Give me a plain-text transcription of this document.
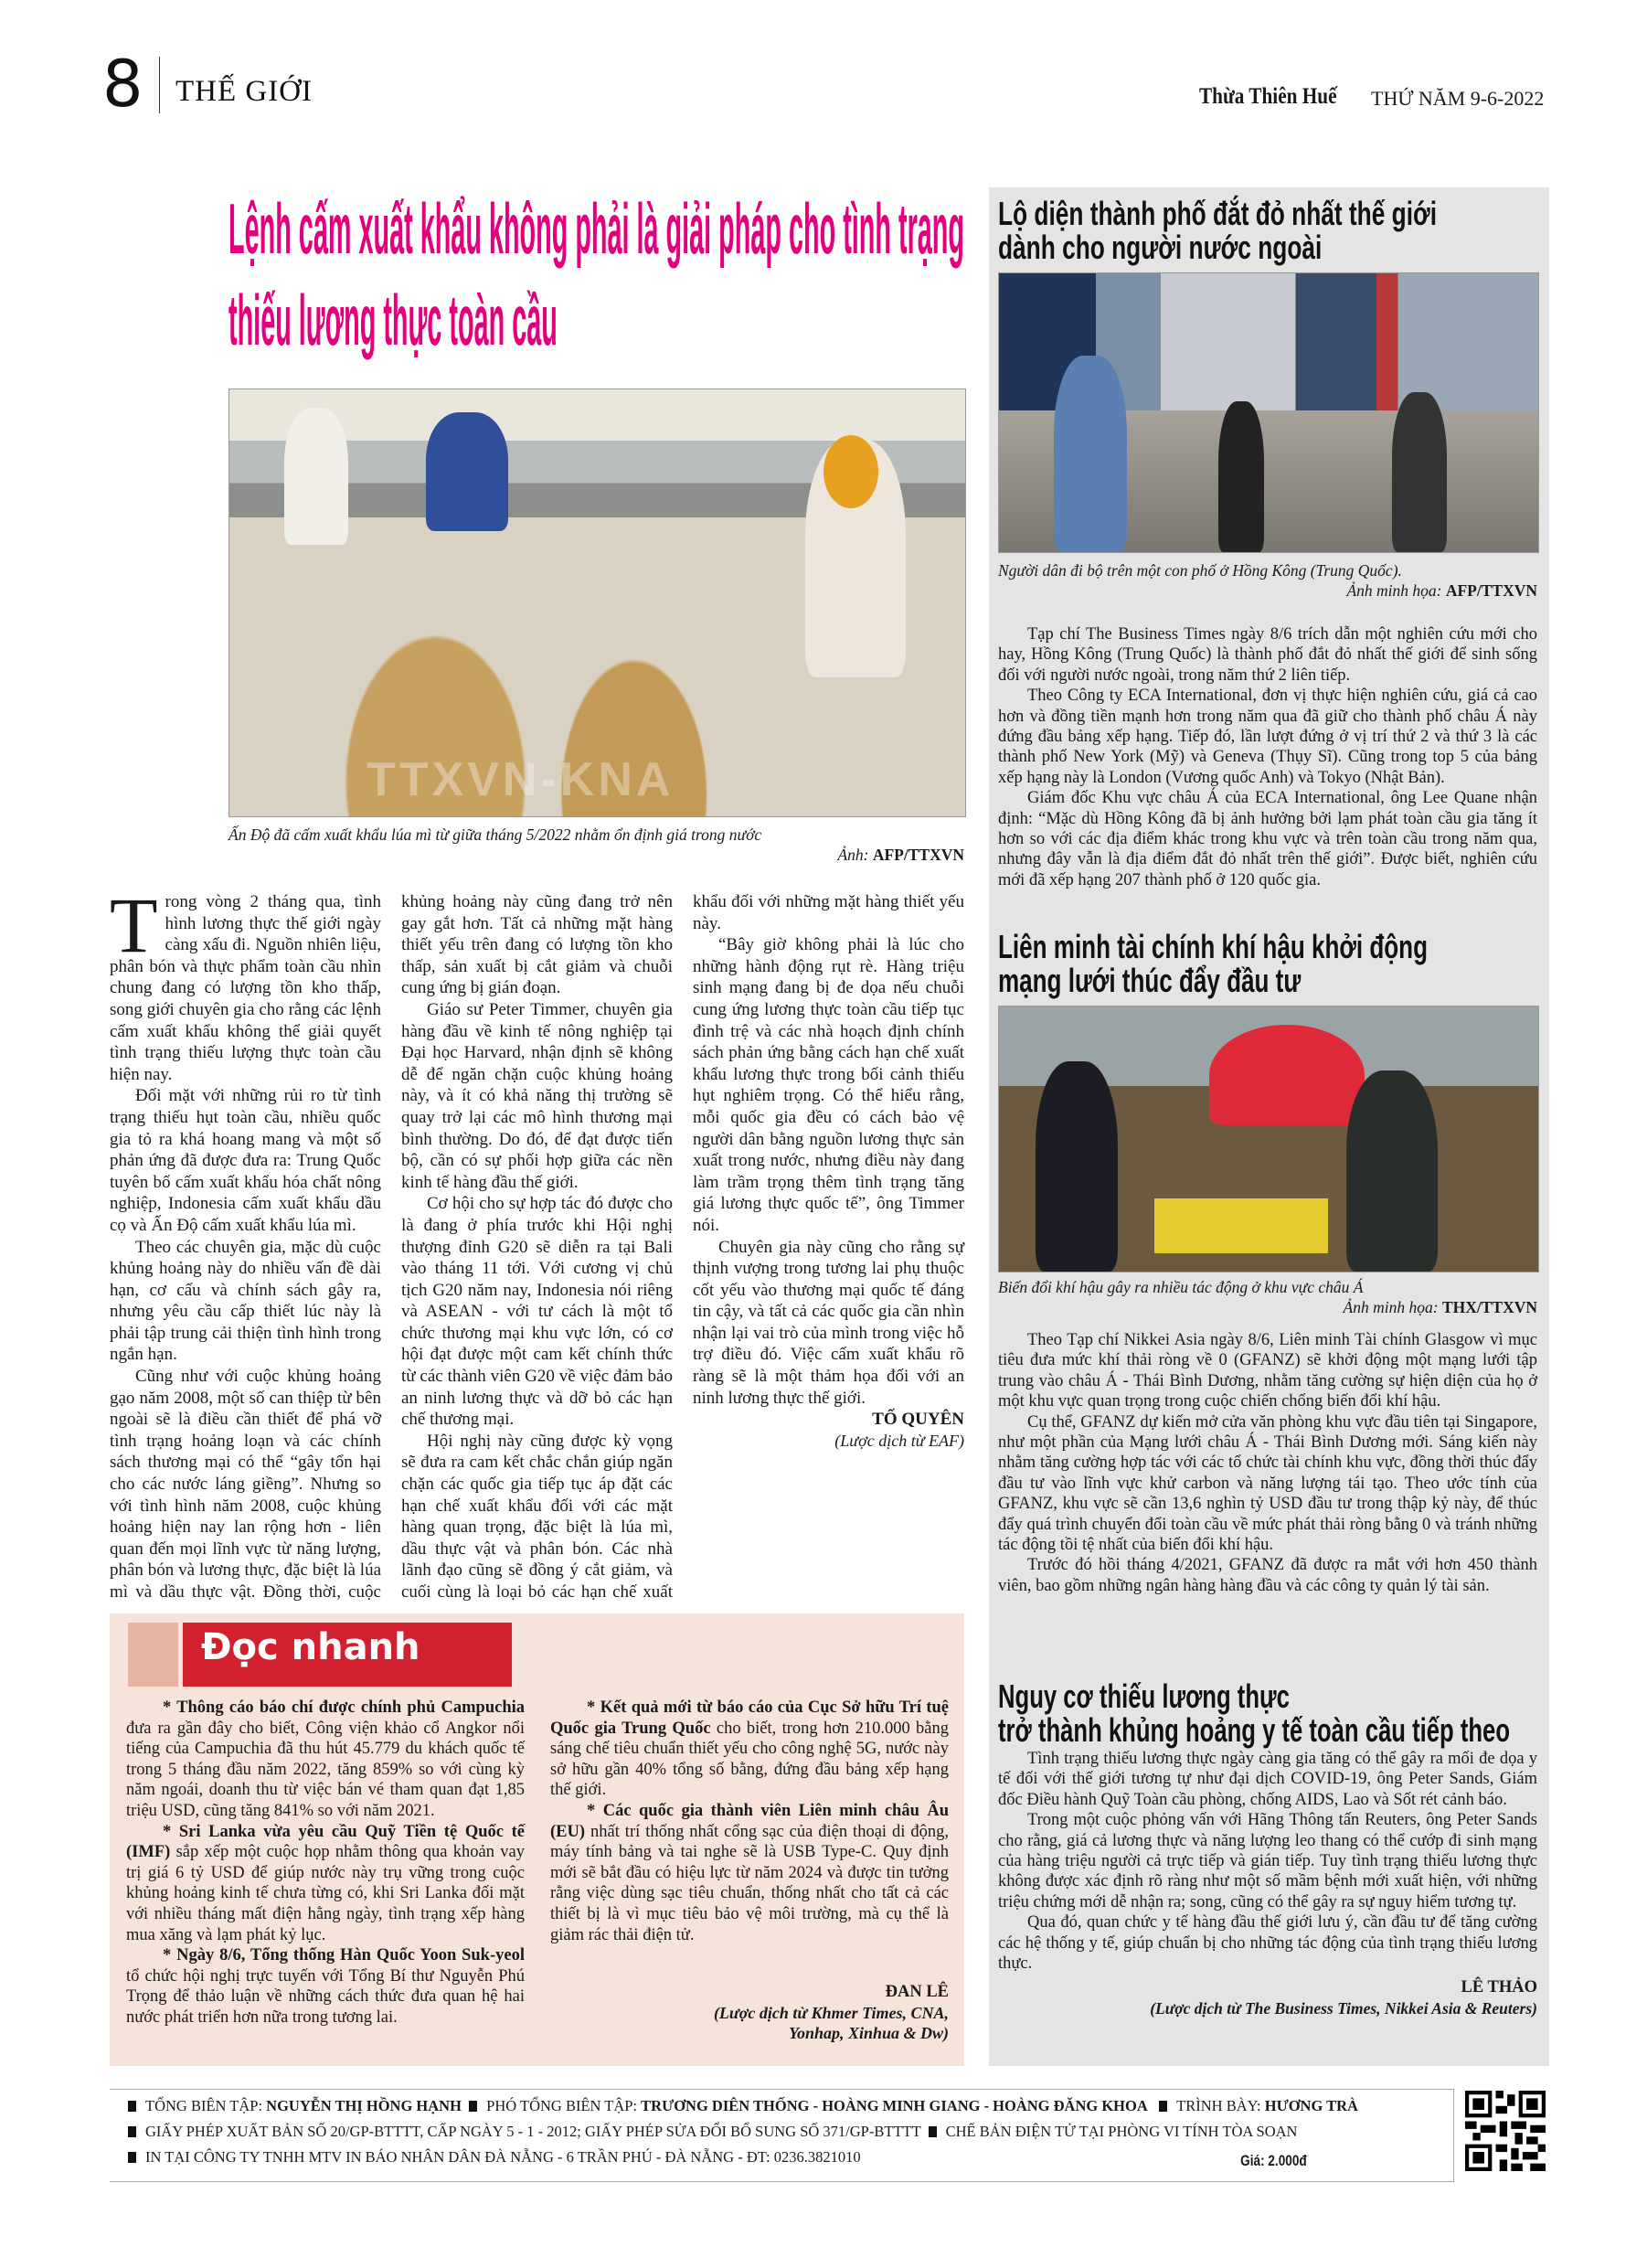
8 THẾ GIỚI	Thừa Thiên Huế THỨ NĂM 9-6-2022
Lệnh cấm xuất khẩu không phải là giải pháp cho tình trạng
thiếu lương thực toàn cầu
TTXVN-KNA
Ấn Độ đã cấm xuất khẩu lúa mì từ giữa tháng 5/2022 nhằm ổn định giá trong nước
Ảnh: AFP/TTXVN

Trong vòng 2 tháng qua, tình hình lương thực thế giới ngày càng xấu đi. Nguồn nhiên liệu, phân bón và thực phẩm toàn cầu nhìn chung đang có lượng tồn kho thấp, song giới chuyên gia cho rằng các lệnh cấm xuất khẩu không thể giải quyết tình trạng thiếu lượng thực toàn cầu hiện nay.

Đối mặt với những rủi ro từ tình trạng thiếu hụt toàn cầu, nhiều quốc gia tỏ ra khá hoang mang và một số phản ứng đã được đưa ra: Trung Quốc tuyên bố cấm xuất khẩu hóa chất nông nghiệp, Indonesia cấm xuất khẩu dầu cọ và Ấn Độ cấm xuất khẩu lúa mì.

Theo các chuyên gia, mặc dù cuộc khủng hoảng này do nhiều vấn đề dài hạn, cơ cấu và chính sách gây ra, nhưng yêu cầu cấp thiết lúc này là phải tập trung cải thiện tình hình trong ngắn hạn.

Cũng như với cuộc khủng hoảng gạo năm 2008, một số can thiệp từ bên ngoài sẽ là điều cần thiết để phá vỡ tình trạng hoảng loạn và các chính sách thương mại có thể “gây tổn hại cho các nước láng giềng”. Nhưng so với tình hình năm 2008, cuộc khủng hoảng hiện nay lan rộng hơn - liên quan đến mọi lĩnh vực từ năng lượng, phân bón và lương thực, đặc biệt là lúa mì và dầu thực vật. Đồng thời, cuộc khủng hoảng này cũng đang trở nên gay gắt hơn. Tất cả những mặt hàng thiết yếu trên đang có lượng tồn kho thấp, sản xuất bị cắt giảm và chuỗi cung ứng bị gián đoạn.

Giáo sư Peter Timmer, chuyên gia hàng đầu về kinh tế nông nghiệp tại Đại học Harvard, nhận định sẽ không dễ để ngăn chặn cuộc khủng hoảng này, và ít có khả năng thị trường sẽ quay trở lại các mô hình thương mại bình thường. Do đó, để đạt được tiến bộ, cần có sự phối hợp giữa các nền kinh tế hàng đầu thế giới.

Cơ hội cho sự hợp tác đó được cho là đang ở phía trước khi Hội nghị thượng đỉnh G20 sẽ diễn ra tại Bali vào tháng 11 tới. Với cương vị chủ tịch G20 năm nay, Indonesia nói riêng và ASEAN - với tư cách là một tổ chức thương mại khu vực lớn, có cơ hội đạt được một cam kết chính thức từ các thành viên G20 về việc đảm bảo an ninh lương thực và dỡ bỏ các hạn chế thương mại.

Hội nghị này cũng được kỳ vọng sẽ đưa ra cam kết chắc chắn giúp ngăn chặn các quốc gia tiếp tục áp đặt các hạn chế xuất khẩu đối với các mặt hàng quan trọng, đặc biệt là lúa mì, dầu thực vật và phân bón. Các nhà lãnh đạo cũng sẽ đồng ý cắt giảm, và cuối cùng là loại bỏ các hạn chế xuất khẩu đối với những mặt hàng thiết yếu này.

“Bây giờ không phải là lúc cho những hành động rụt rè. Hàng triệu sinh mạng đang bị đe dọa nếu chuỗi cung ứng lương thực toàn cầu tiếp tục đình trệ và các nhà hoạch định chính sách phản ứng bằng cách hạn chế xuất khẩu lương thực trong bối cảnh thiếu hụt nghiêm trọng. Có thể hiểu rằng, mỗi quốc gia đều có cách bảo vệ người dân bằng nguồn lương thực sản xuất trong nước, nhưng điều này đang làm trầm trọng thêm tình trạng tăng giá lương thực quốc tế”, ông Timmer nói.

Chuyên gia này cũng cho rằng sự thịnh vượng trong tương lai phụ thuộc cốt yếu vào thương mại quốc tế đáng tin cậy, và tất cả các quốc gia cần nhìn nhận lại vai trò của mình trong việc hỗ trợ điều đó. Việc cấm xuất khẩu rõ ràng sẽ là một thảm họa đối với an ninh lương thực thế giới.

TỐ QUYÊN

(Lược dịch từ EAF)

Đọc nhanh

* Thông cáo báo chí được chính phủ Campuchia đưa ra gần đây cho biết, Công viện khảo cổ Angkor nổi tiếng của Campuchia đã thu hút 45.779 du khách quốc tế trong 5 tháng đầu năm 2022, tăng 859% so với cùng kỳ năm ngoái, doanh thu từ việc bán vé tham quan đạt 1,85 triệu USD, cũng tăng 841% so với năm 2021.

* Sri Lanka vừa yêu cầu Quỹ Tiền tệ Quốc tế (IMF) sắp xếp một cuộc họp nhằm thông qua khoản vay trị giá 6 tỷ USD để giúp nước này trụ vững trong cuộc khủng hoảng kinh tế chưa từng có, khi Sri Lanka đối mặt với nhiều tháng mất điện hằng ngày, tình trạng xếp hàng mua xăng và lạm phát kỷ lục.

* Ngày 8/6, Tổng thống Hàn Quốc Yoon Suk-yeol tổ chức hội nghị trực tuyến với Tổng Bí thư Nguyễn Phú Trọng để thảo luận về những cách thức đưa quan hệ hai nước phát triển hơn nữa trong tương lai.

* Kết quả mới từ báo cáo của Cục Sở hữu Trí tuệ Quốc gia Trung Quốc cho biết, trong hơn 210.000 bằng sáng chế tiêu chuẩn thiết yếu cho công nghệ 5G, nước này sở hữu gần 40% tổng số bằng, đứng đầu bảng xếp hạng thế giới.

* Các quốc gia thành viên Liên minh châu Âu (EU) nhất trí thống nhất cổng sạc của điện thoại di động, máy tính bảng và tai nghe sẽ là USB Type-C. Quy định mới sẽ bắt đầu có hiệu lực từ năm 2024 và được tin tưởng rằng việc dùng sạc tiêu chuẩn, thống nhất cho tất cả các thiết bị là vì mục tiêu bảo vệ môi trường, mà cụ thể là giảm rác thải điện tử.

ĐAN LÊ

(Lược dịch từ Khmer Times, CNA, Yonhap, Xinhua & Dw)

Lộ diện thành phố đắt đỏ nhất thế giới
dành cho người nước ngoài
Người dân đi bộ trên một con phố ở Hồng Kông (Trung Quốc).
Ảnh minh họa: AFP/TTXVN

Tạp chí The Business Times ngày 8/6 trích dẫn một nghiên cứu mới cho hay, Hồng Kông (Trung Quốc) là thành phố đắt đỏ nhất thế giới để sinh sống đối với người nước ngoài, trong năm thứ 2 liên tiếp.

Theo Công ty ECA International, đơn vị thực hiện nghiên cứu, giá cả cao hơn và đồng tiền mạnh hơn trong năm qua đã giữ cho thành phố châu Á này đứng đầu bảng xếp hạng. Tiếp đó, lần lượt đứng ở vị trí thứ 2 và thứ 3 là các thành phố New York (Mỹ) và Geneva (Thụy Sĩ). Cũng trong top 5 của bảng xếp hạng này là London (Vương quốc Anh) và Tokyo (Nhật Bản).

Giám đốc Khu vực châu Á của ECA International, ông Lee Quane nhận định: “Mặc dù Hồng Kông đã bị ảnh hưởng bởi lạm phát toàn cầu gia tăng ít hơn so với các địa điểm khác trong khu vực và trên toàn cầu trong năm qua, nhưng đây vẫn là địa điểm đắt đỏ nhất trên thế giới”. Được biết, nghiên cứu mới đã xếp hạng 207 thành phố ở 120 quốc gia.

Liên minh tài chính khí hậu khởi động
mạng lưới thúc đẩy đầu tư
Biến đổi khí hậu gây ra nhiều tác động ở khu vực châu Á
Ảnh minh họa: THX/TTXVN

Theo Tạp chí Nikkei Asia ngày 8/6, Liên minh Tài chính Glasgow vì mục tiêu đưa mức khí thải ròng về 0 (GFANZ) sẽ khởi động một mạng lưới tập trung vào châu Á - Thái Bình Dương, nhằm tăng cường sự hiện diện của họ ở một khu vực quan trọng trong cuộc chiến chống biến đổi khí hậu.

Cụ thể, GFANZ dự kiến mở cửa văn phòng khu vực đầu tiên tại Singapore, như một phần của Mạng lưới châu Á - Thái Bình Dương mới. Sáng kiến này nhằm tăng cường hợp tác với các tổ chức tài chính khu vực, đồng thời thúc đẩy đầu tư vào lĩnh vực khử carbon và năng lượng tái tạo. Theo ước tính của GFANZ, khu vực sẽ cần 13,6 nghìn tỷ USD đầu tư trong thập kỷ này, để thúc đẩy quá trình chuyển đổi toàn cầu về mức phát thải ròng bằng 0 và tránh những tác động tồi tệ nhất của biến đổi khí hậu.

Trước đó hồi tháng 4/2021, GFANZ đã được ra mắt với hơn 450 thành viên, bao gồm những ngân hàng hàng đầu và các công ty quản lý tài sản.

Nguy cơ thiếu lương thực
trở thành khủng hoảng y tế toàn cầu tiếp theo

Tình trạng thiếu lương thực ngày càng gia tăng có thể gây ra mối đe dọa y tế đối với thế giới tương tự như đại dịch COVID-19, ông Peter Sands, Giám đốc Điều hành Quỹ Toàn cầu phòng, chống AIDS, Lao và Sốt rét cảnh báo.

Trong một cuộc phỏng vấn với Hãng Thông tấn Reuters, ông Peter Sands cho rằng, giá cả lương thực và năng lượng leo thang có thể cướp đi sinh mạng của hàng triệu người cả trực tiếp và gián tiếp. Tuy tình trạng thiếu lương thực không được xác định rõ ràng như một số mầm bệnh mới xuất hiện, với những triệu chứng mới dễ nhận ra; song, cũng có thể gây ra sự nguy hiểm tương tự.

Qua đó, quan chức y tế hàng đầu thế giới lưu ý, cần đầu tư để tăng cường các hệ thống y tế, giúp chuẩn bị cho những tác động của tình trạng thiếu lương thực.

LÊ THẢO

(Lược dịch từ The Business Times, Nikkei Asia & Reuters)

TỔNG BIÊN TẬP: NGUYỄN THỊ HỒNG HẠNH PHÓ TỔNG BIÊN TẬP: TRƯƠNG DIÊN THỐNG - HOÀNG MINH GIANG - HOÀNG ĐĂNG KHOA TRÌNH BÀY: HƯƠNG TRÀ
GIẤY PHÉP XUẤT BẢN SỐ 20/GP-BTTTT, CẤP NGÀY 5 - 1 - 2012; GIẤY PHÉP SỬA ĐỔI BỔ SUNG SỐ 371/GP-BTTTT CHẾ BẢN ĐIỆN TỬ TẠI PHÒNG VI TÍNH TÒA SOẠN
IN TẠI CÔNG TY TNHH MTV IN BÁO NHÂN DÂN ĐÀ NẴNG - 6 TRẦN PHÚ - ĐÀ NẴNG - ĐT: 0236.3821010	Giá: 2.000đ
